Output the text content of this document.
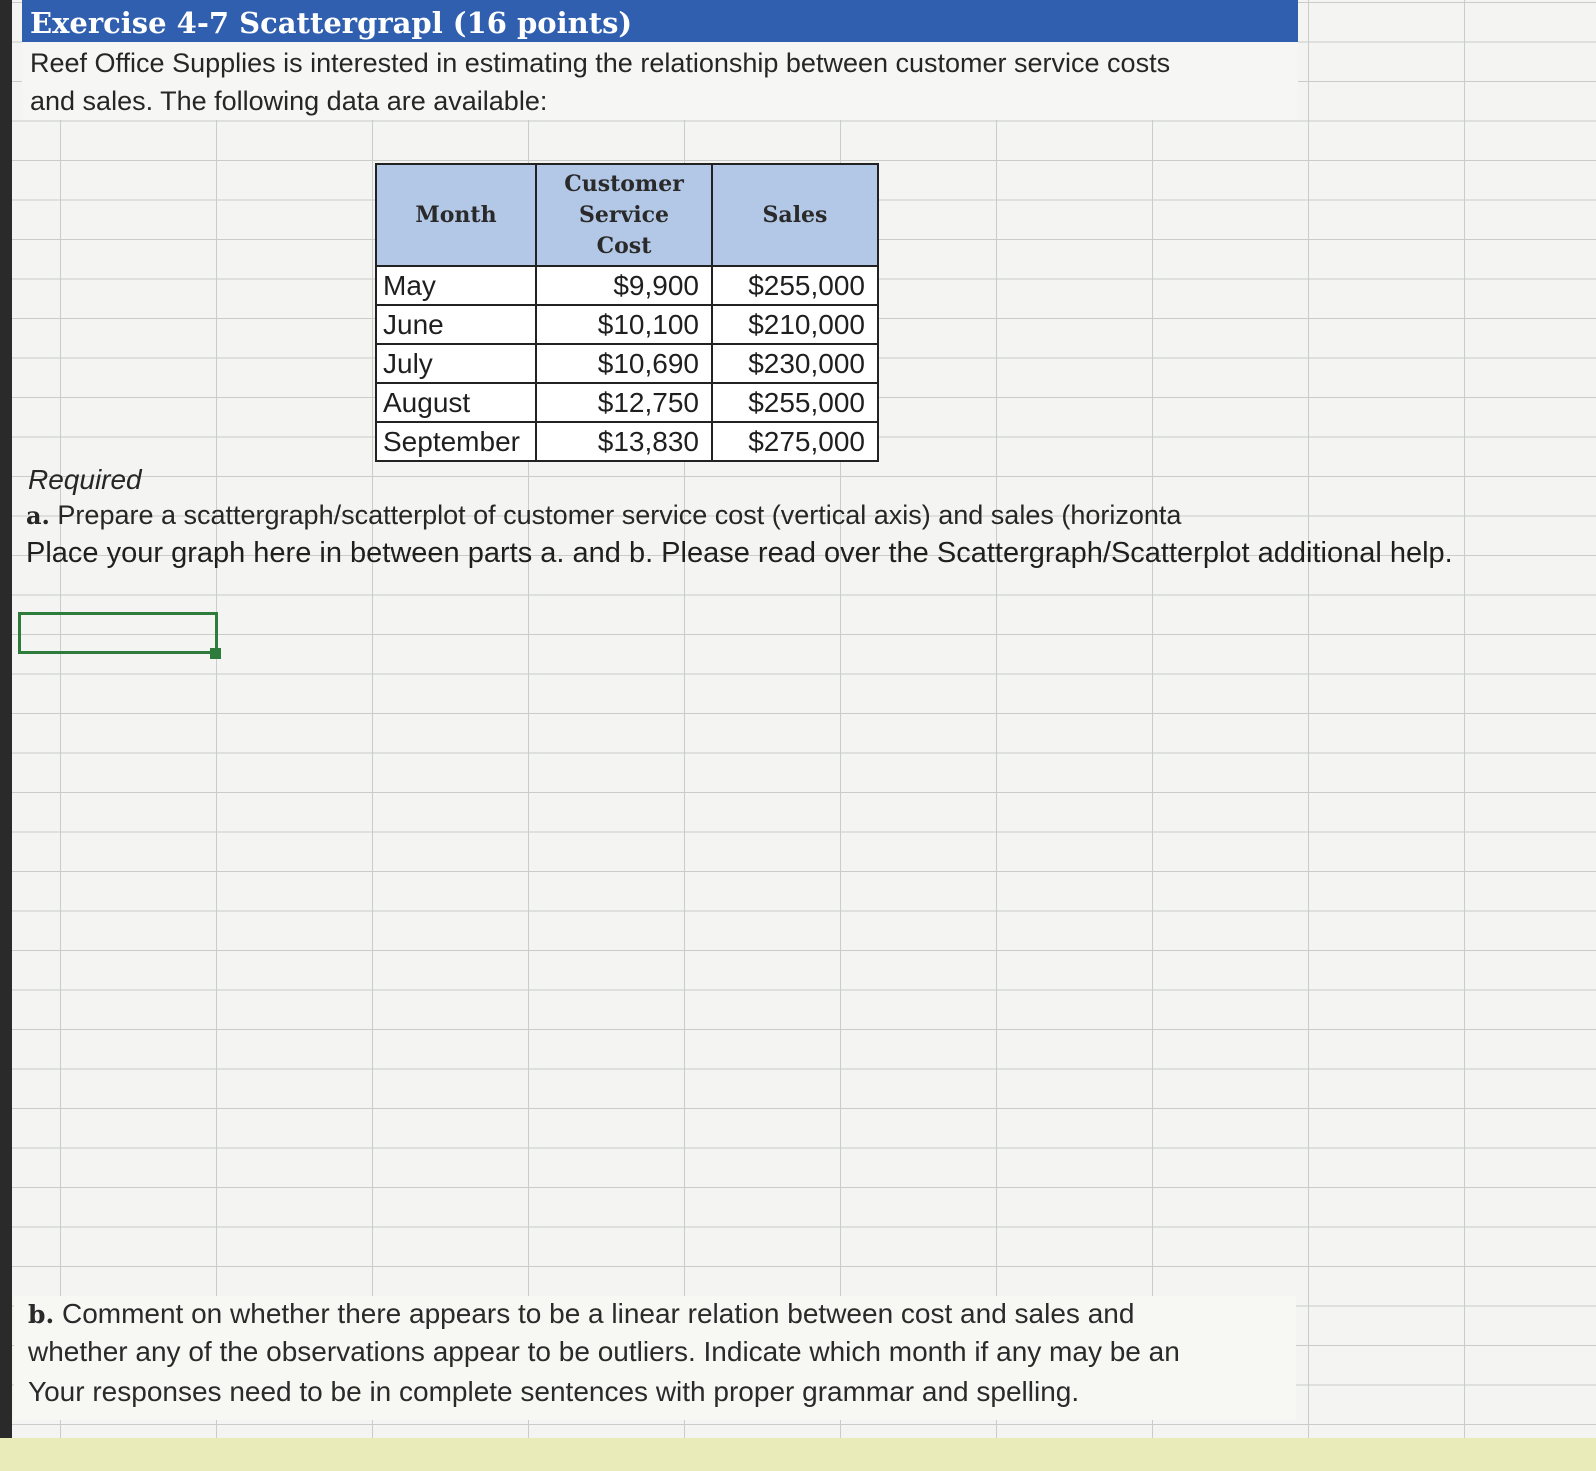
Exercise 4-7 Scattergrapl (16 points)
Reef Office Supplies is interested in estimating the relationship between customer service costs
and sales. The following data are available:
Month	Customer Service Cost	Sales
May	$9,900	$255,000
June	$10,100	$210,000
July	$10,690	$230,000
August	$12,750	$255,000
September	$13,830	$275,000
Required
a. Prepare a scattergraph/scatterplot of customer service cost (vertical axis) and sales (horizonta
Place your graph here in between parts a. and b. Please read over the Scattergraph/Scatterplot additional help.
b. Comment on whether there appears to be a linear relation between cost and sales and
whether any of the observations appear to be outliers. Indicate which month if any may be an
Your responses need to be in complete sentences with proper grammar and spelling.
